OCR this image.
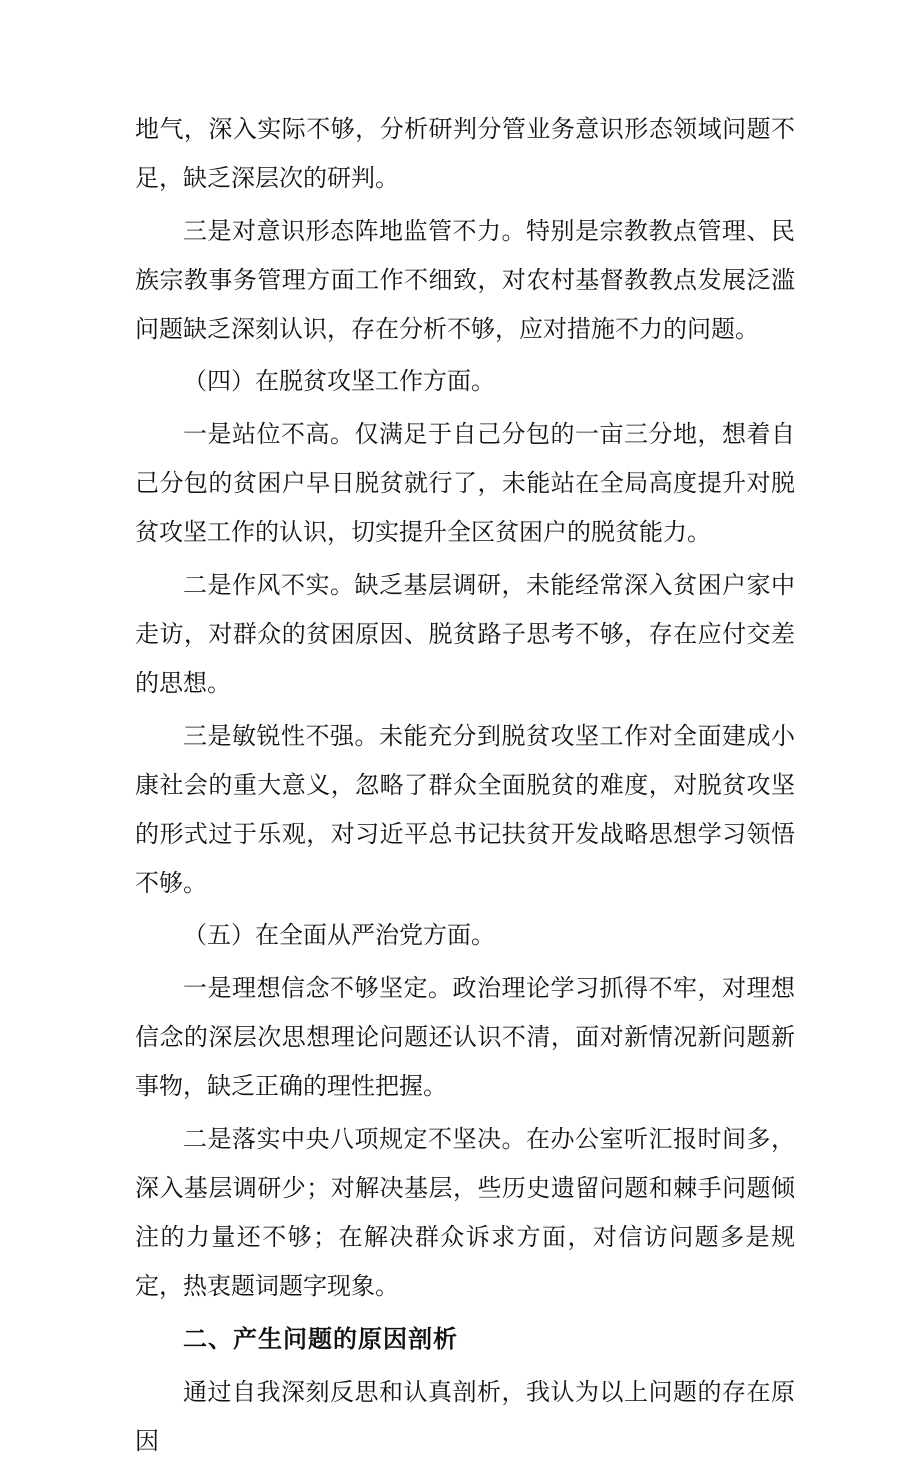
地气，深入实际不够，分析研判分管业务意识形态领域问题不足，缺乏深层次的研判。

三是对意识形态阵地监管不力。特别是宗教教点管理、民族宗教事务管理方面工作不细致，对农村基督教教点发展泛滥问题缺乏深刻认识，存在分析不够，应对措施不力的问题。

（四）在脱贫攻坚工作方面。

一是站位不高。仅满足于自己分包的一亩三分地，想着自己分包的贫困户早日脱贫就行了，未能站在全局高度提升对脱贫攻坚工作的认识，切实提升全区贫困户的脱贫能力。

二是作风不实。缺乏基层调研，未能经常深入贫困户家中走访，对群众的贫困原因、脱贫路子思考不够，存在应付交差的思想。

三是敏锐性不强。未能充分到脱贫攻坚工作对全面建成小康社会的重大意义，忽略了群众全面脱贫的难度，对脱贫攻坚的形式过于乐观，对习近平总书记扶贫开发战略思想学习领悟不够。

（五）在全面从严治党方面。

一是理想信念不够坚定。政治理论学习抓得不牢，对理想信念的深层次思想理论问题还认识不清，面对新情况新问题新事物，缺乏正确的理性把握。

二是落实中央八项规定不坚决。在办公室听汇报时间多，深入基层调研少；对解决基层，些历史遗留问题和棘手问题倾注的力量还不够；在解决群众诉求方面，对信访问题多是规定，热衷题词题字现象。

二、产生问题的原因剖析

通过自我深刻反思和认真剖析，我认为以上问题的存在原因
